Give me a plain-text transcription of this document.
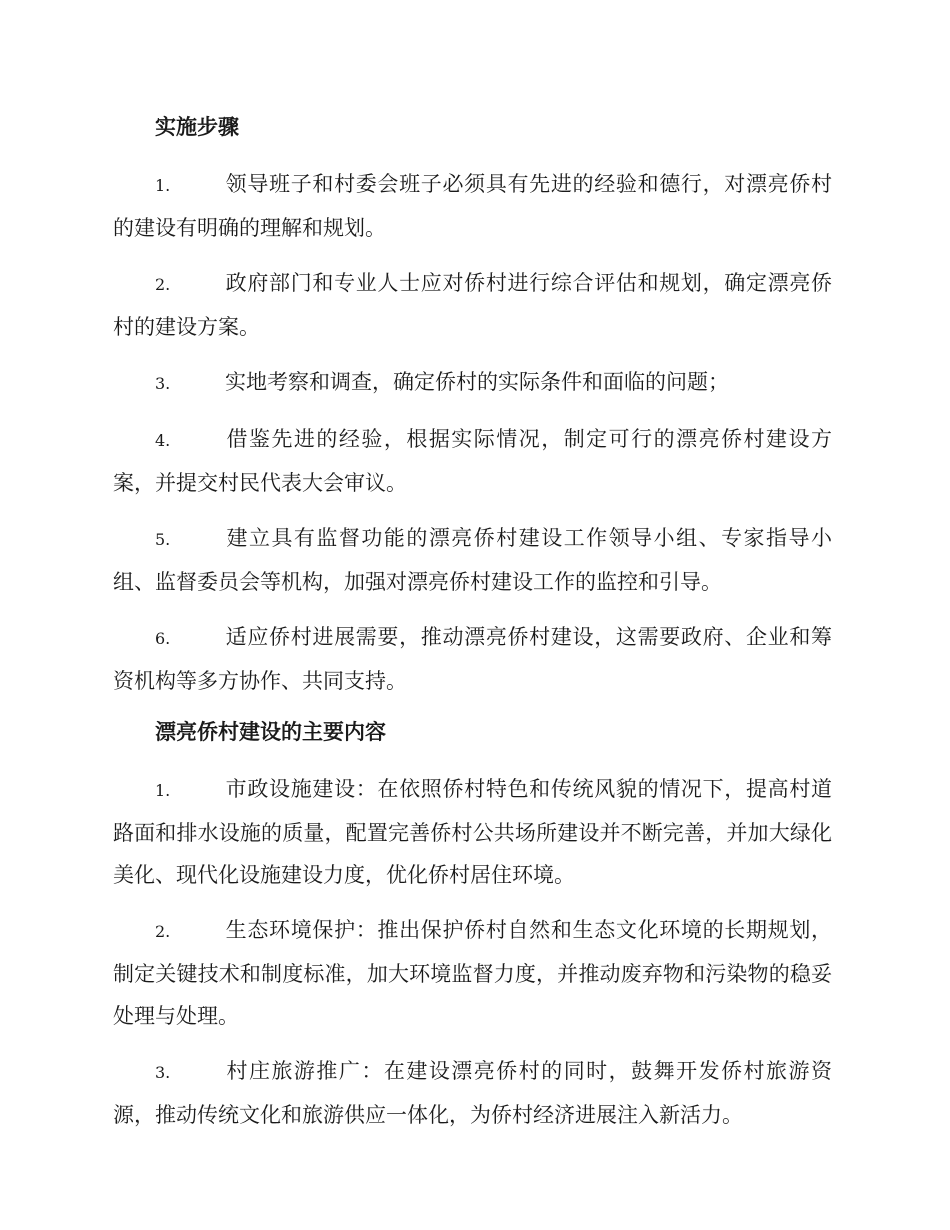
实施步骤

1.	领导班子和村委会班子必须具有先进的经验和德行，对漂亮侨村的建设有明确的理解和规划。

2.	政府部门和专业人士应对侨村进行综合评估和规划，确定漂亮侨村的建设方案。

3.	实地考察和调查，确定侨村的实际条件和面临的问题；

4.	借鉴先进的经验，根据实际情况，制定可行的漂亮侨村建设方案，并提交村民代表大会审议。

5.	建立具有监督功能的漂亮侨村建设工作领导小组、专家指导小组、监督委员会等机构，加强对漂亮侨村建设工作的监控和引导。

6.	适应侨村进展需要，推动漂亮侨村建设，这需要政府、企业和筹资机构等多方协作、共同支持。

漂亮侨村建设的主要内容

1.	市政设施建设：在依照侨村特色和传统风貌的情况下，提高村道路面和排水设施的质量，配置完善侨村公共场所建设并不断完善，并加大绿化美化、现代化设施建设力度，优化侨村居住环境。

2.	生态环境保护：推出保护侨村自然和生态文化环境的长期规划，制定关键技术和制度标准，加大环境监督力度，并推动废弃物和污染物的稳妥处理与处理。

3.	村庄旅游推广：在建设漂亮侨村的同时，鼓舞开发侨村旅游资源，推动传统文化和旅游供应一体化，为侨村经济进展注入新活力。
